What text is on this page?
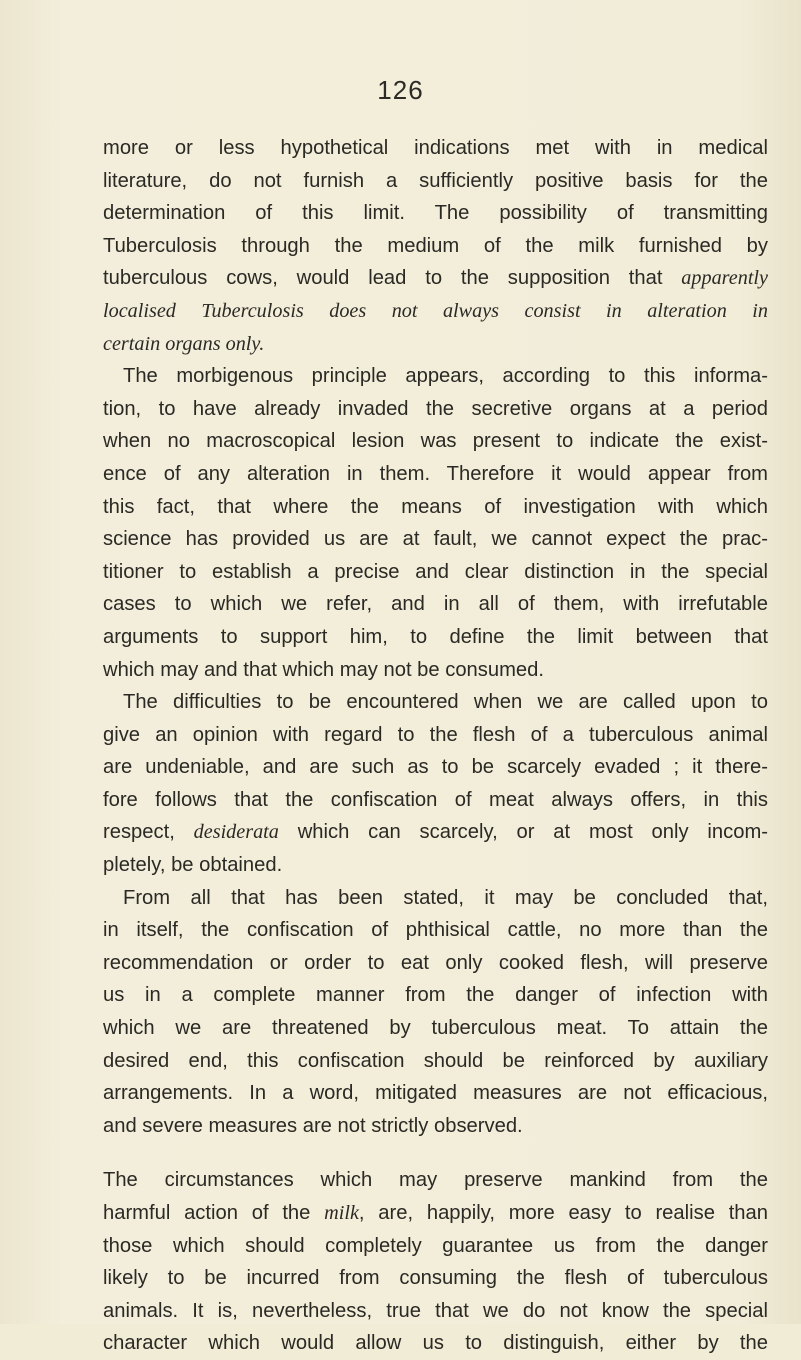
126

more or less hypothetical indications met with in medical
literature, do not furnish a sufficiently positive basis for the
determination of this limit. The possibility of transmitting
Tuberculosis through the medium of the milk furnished by
tuberculous cows, would lead to the supposition that apparently
localised Tuberculosis does not always consist in alteration in
certain organs only.

The morbigenous principle appears, according to this informa-
tion, to have already invaded the secretive organs at a period
when no macroscopical lesion was present to indicate the exist-
ence of any alteration in them. Therefore it would appear from
this fact, that where the means of investigation with which
science has provided us are at fault, we cannot expect the prac-
titioner to establish a precise and clear distinction in the special
cases to which we refer, and in all of them, with irrefutable
arguments to support him, to define the limit between that
which may and that which may not be consumed.

The difficulties to be encountered when we are called upon to
give an opinion with regard to the flesh of a tuberculous animal
are undeniable, and are such as to be scarcely evaded ; it there-
fore follows that the confiscation of meat always offers, in this
respect, desiderata which can scarcely, or at most only incom-
pletely, be obtained.

From all that has been stated, it may be concluded that,
in itself, the confiscation of phthisical cattle, no more than the
recommendation or order to eat only cooked flesh, will preserve
us in a complete manner from the danger of infection with
which we are threatened by tuberculous meat. To attain the
desired end, this confiscation should be reinforced by auxiliary
arrangements. In a word, mitigated measures are not efficacious,
and severe measures are not strictly observed.

The circumstances which may preserve mankind from the
harmful action of the milk, are, happily, more easy to realise than
those which should completely guarantee us from the danger
likely to be incurred from consuming the flesh of tuberculous
animals. It is, nevertheless, true that we do not know the special
character which would allow us to distinguish, either by the
